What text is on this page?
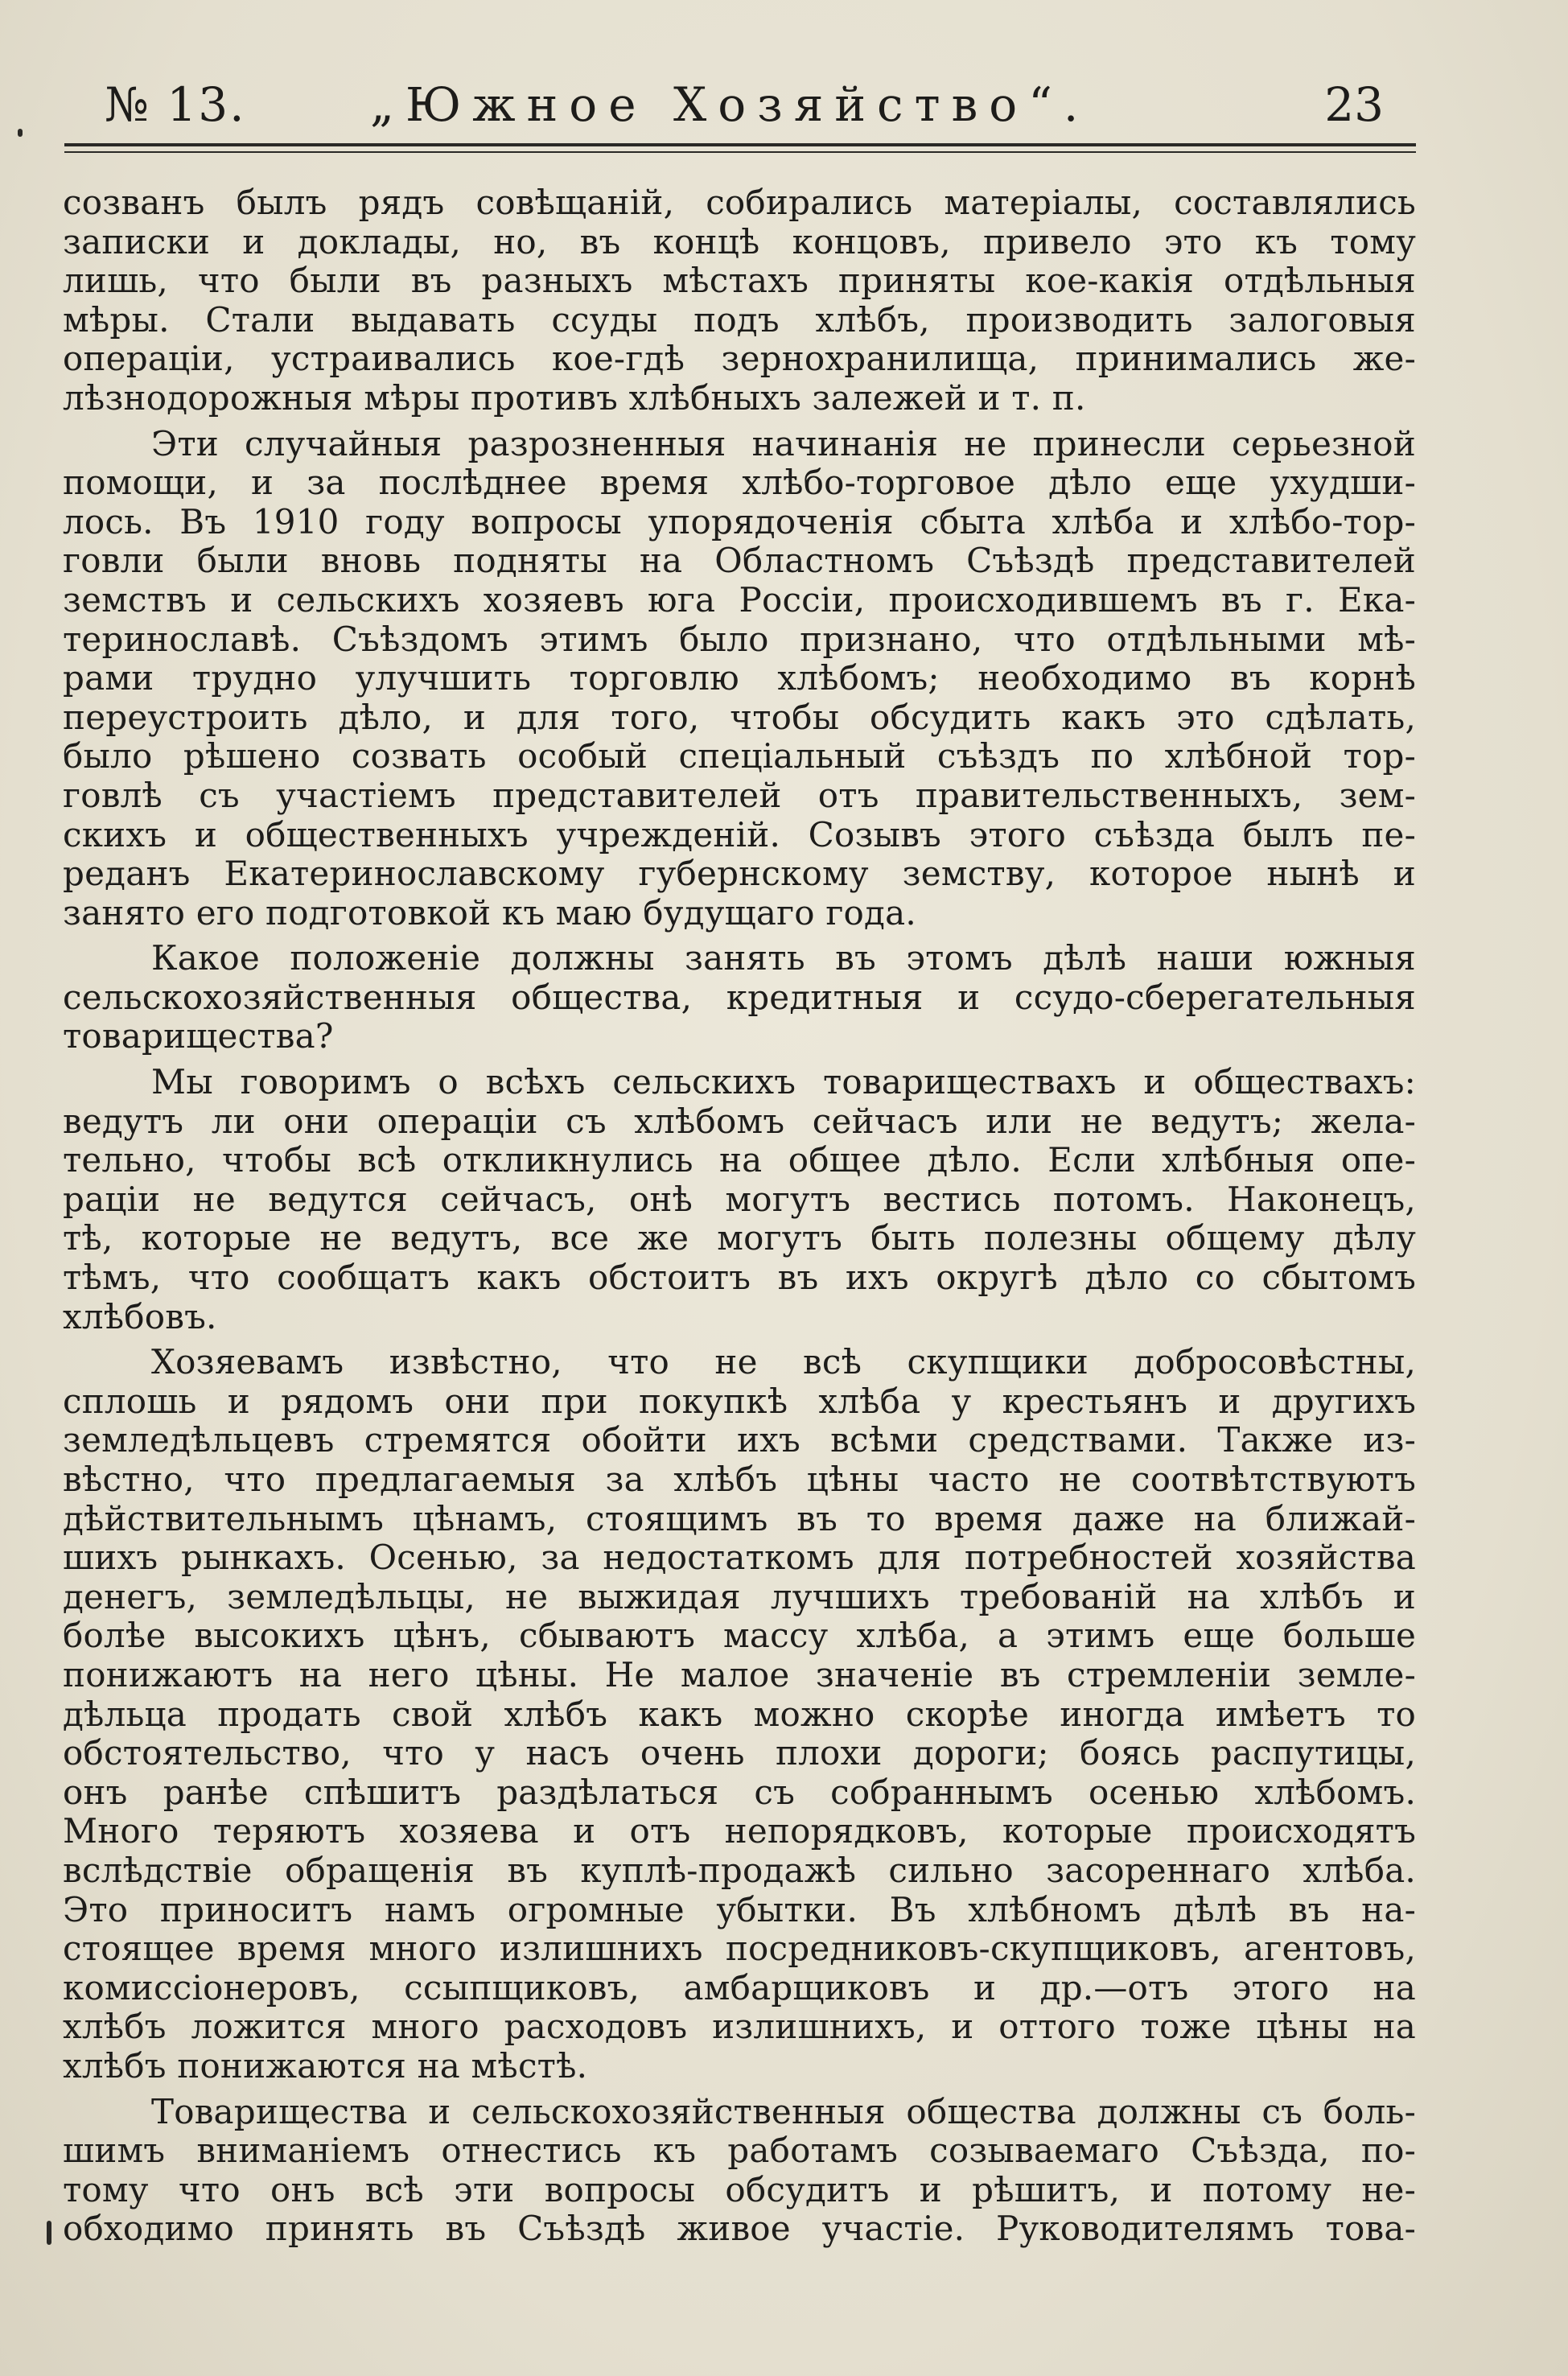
№ 13.	„Южное Хозяйство“.	23
созванъ былъ рядъ совѣщаній, собирались матеріалы, составлялись
записки и доклады, но, въ концѣ концовъ, привело это къ тому
лишь, что были въ разныхъ мѣстахъ приняты кое-какія отдѣльныя
мѣры. Стали выдавать ссуды подъ хлѣбъ, производить залоговыя
операціи, устраивались кое-гдѣ зернохранилища, принимались же-
лѣзнодорожныя мѣры противъ хлѣбныхъ залежей и т. п.
Эти случайныя разрозненныя начинанія не принесли серьезной
помощи, и за послѣднее время хлѣбо-торговое дѣло еще ухудши-
лось. Въ 1910 году вопросы упорядоченія сбыта хлѣба и хлѣбо-тор-
говли были вновь подняты на Областномъ Съѣздѣ представителей
земствъ и сельскихъ хозяевъ юга Россіи, происходившемъ въ г. Ека-
теринославѣ. Съѣздомъ этимъ было признано, что отдѣльными мѣ-
рами трудно улучшить торговлю хлѣбомъ; необходимо въ корнѣ
переустроить дѣло, и для того, чтобы обсудить какъ это сдѣлать,
было рѣшено созвать особый спеціальный съѣздъ по хлѣбной тор-
говлѣ съ участіемъ представителей отъ правительственныхъ, зем-
скихъ и общественныхъ учрежденій. Созывъ этого съѣзда былъ пе-
реданъ Екатеринославскому губернскому земству, которое нынѣ и
занято его подготовкой къ маю будущаго года.
Какое положеніе должны занять въ этомъ дѣлѣ наши южныя
сельскохозяйственныя общества, кредитныя и ссудо-сберегательныя
товарищества?
Мы говоримъ о всѣхъ сельскихъ товариществахъ и обществахъ:
ведутъ ли они операціи съ хлѣбомъ сейчасъ или не ведутъ; жела-
тельно, чтобы всѣ откликнулись на общее дѣло. Если хлѣбныя опе-
раціи не ведутся сейчасъ, онѣ могутъ вестись потомъ. Наконецъ,
тѣ, которые не ведутъ, все же могутъ быть полезны общему дѣлу
тѣмъ, что сообщатъ какъ обстоитъ въ ихъ округѣ дѣло со сбытомъ
хлѣбовъ.
Хозяевамъ извѣстно, что не всѣ скупщики добросовѣстны,
сплошь и рядомъ они при покупкѣ хлѣба у крестьянъ и другихъ
земледѣльцевъ стремятся обойти ихъ всѣми средствами. Также из-
вѣстно, что предлагаемыя за хлѣбъ цѣны часто не соотвѣтствуютъ
дѣйствительнымъ цѣнамъ, стоящимъ въ то время даже на ближай-
шихъ рынкахъ. Осенью, за недостаткомъ для потребностей хозяйства
денегъ, земледѣльцы, не выжидая лучшихъ требованій на хлѣбъ и
болѣе высокихъ цѣнъ, сбываютъ массу хлѣба, а этимъ еще больше
понижаютъ на него цѣны. Не малое значеніе въ стремленіи земле-
дѣльца продать свой хлѣбъ какъ можно скорѣе иногда имѣетъ то
обстоятельство, что у насъ очень плохи дороги; боясь распутицы,
онъ ранѣе спѣшитъ раздѣлаться съ собраннымъ осенью хлѣбомъ.
Много теряютъ хозяева и отъ непорядковъ, которые происходятъ
вслѣдствіе обращенія въ куплѣ-продажѣ сильно засореннаго хлѣба.
Это приноситъ намъ огромные убытки. Въ хлѣбномъ дѣлѣ въ на-
стоящее время много излишнихъ посредниковъ-скупщиковъ, агентовъ,
комиссіонеровъ, ссыпщиковъ, амбарщиковъ и др.—отъ этого на
хлѣбъ ложится много расходовъ излишнихъ, и оттого тоже цѣны на
хлѣбъ понижаются на мѣстѣ.
Товарищества и сельскохозяйственныя общества должны съ боль-
шимъ вниманіемъ отнестись къ работамъ созываемаго Съѣзда, по-
тому что онъ всѣ эти вопросы обсудитъ и рѣшитъ, и потому не-
обходимо принять въ Съѣздѣ живое участіе. Руководителямъ това-
